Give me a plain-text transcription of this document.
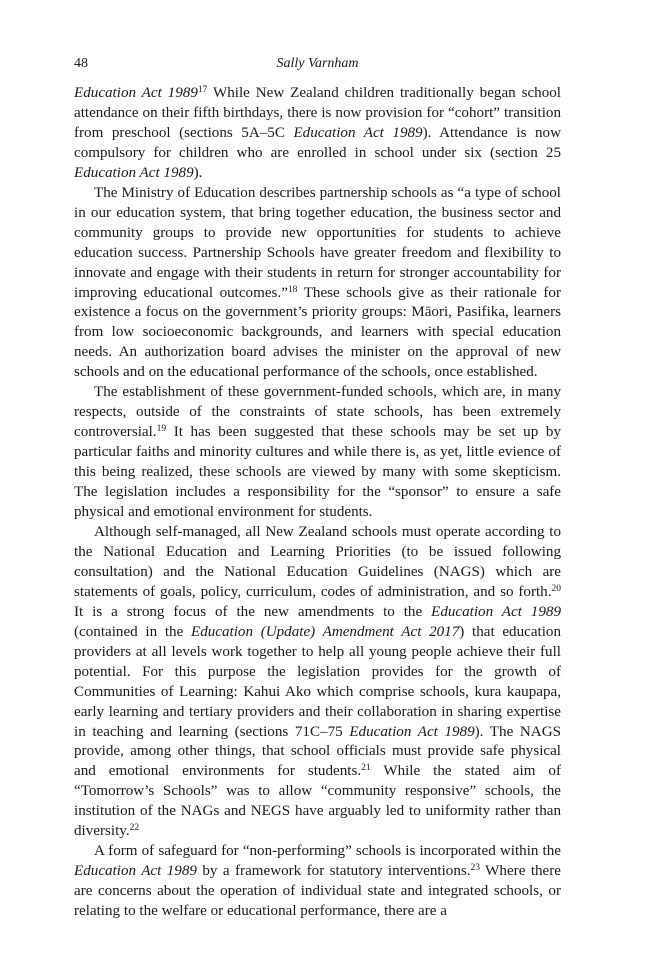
48	Sally Varnham

Education Act 1989$^{17}$ While New Zealand children traditionally began school attendance on their fifth birthdays, there is now provision for “cohort” transition from preschool (sections 5A–5C Education Act 1989). Attendance is now compulsory for children who are enrolled in school under six (section 25 Education Act 1989).

The Ministry of Education describes partnership schools as “a type of school in our education system, that bring together education, the business sector and community groups to provide new opportunities for students to achieve education success. Partnership Schools have greater freedom and flexibility to innovate and engage with their students in return for stronger accountability for improving educational outcomes.”$^{18}$ These schools give as their rationale for existence a focus on the government’s priority groups: Māori, Pasifika, learners from low socioeconomic backgrounds, and learners with special education needs. An authorization board advises the minister on the approval of new schools and on the educational performance of the schools, once established.

The establishment of these government-funded schools, which are, in many respects, outside of the constraints of state schools, has been extremely controversial.$^{19}$ It has been suggested that these schools may be set up by particular faiths and minority cultures and while there is, as yet, little evience of this being realized, these schools are viewed by many with some skepticism. The legislation includes a responsibility for the “sponsor” to ensure a safe physical and emotional environment for students.

Although self-managed, all New Zealand schools must operate according to the National Education and Learning Priorities (to be issued following consultation) and the National Education Guidelines (NAGS) which are statements of goals, policy, curriculum, codes of administration, and so forth.$^{20}$ It is a strong focus of the new amendments to the Education Act 1989 (contained in the Education (Update) Amendment Act 2017) that education providers at all levels work together to help all young people achieve their full potential. For this purpose the legislation provides for the growth of Communities of Learning: Kahui Ako which comprise schools, kura kaupapa, early learning and tertiary providers and their collaboration in sharing expertise in teaching and learning (sections 71C–75 Education Act 1989). The NAGS provide, among other things, that school officials must provide safe physical and emotional environments for students.$^{21}$ While the stated aim of “Tomorrow’s Schools” was to allow “community responsive” schools, the institution of the NAGs and NEGS have arguably led to uniformity rather than diversity.$^{22}$

A form of safeguard for “non-performing” schools is incorporated within the Education Act 1989 by a framework for statutory interventions.$^{23}$ Where there are concerns about the operation of individual state and integrated schools, or relating to the welfare or educational performance, there are a
